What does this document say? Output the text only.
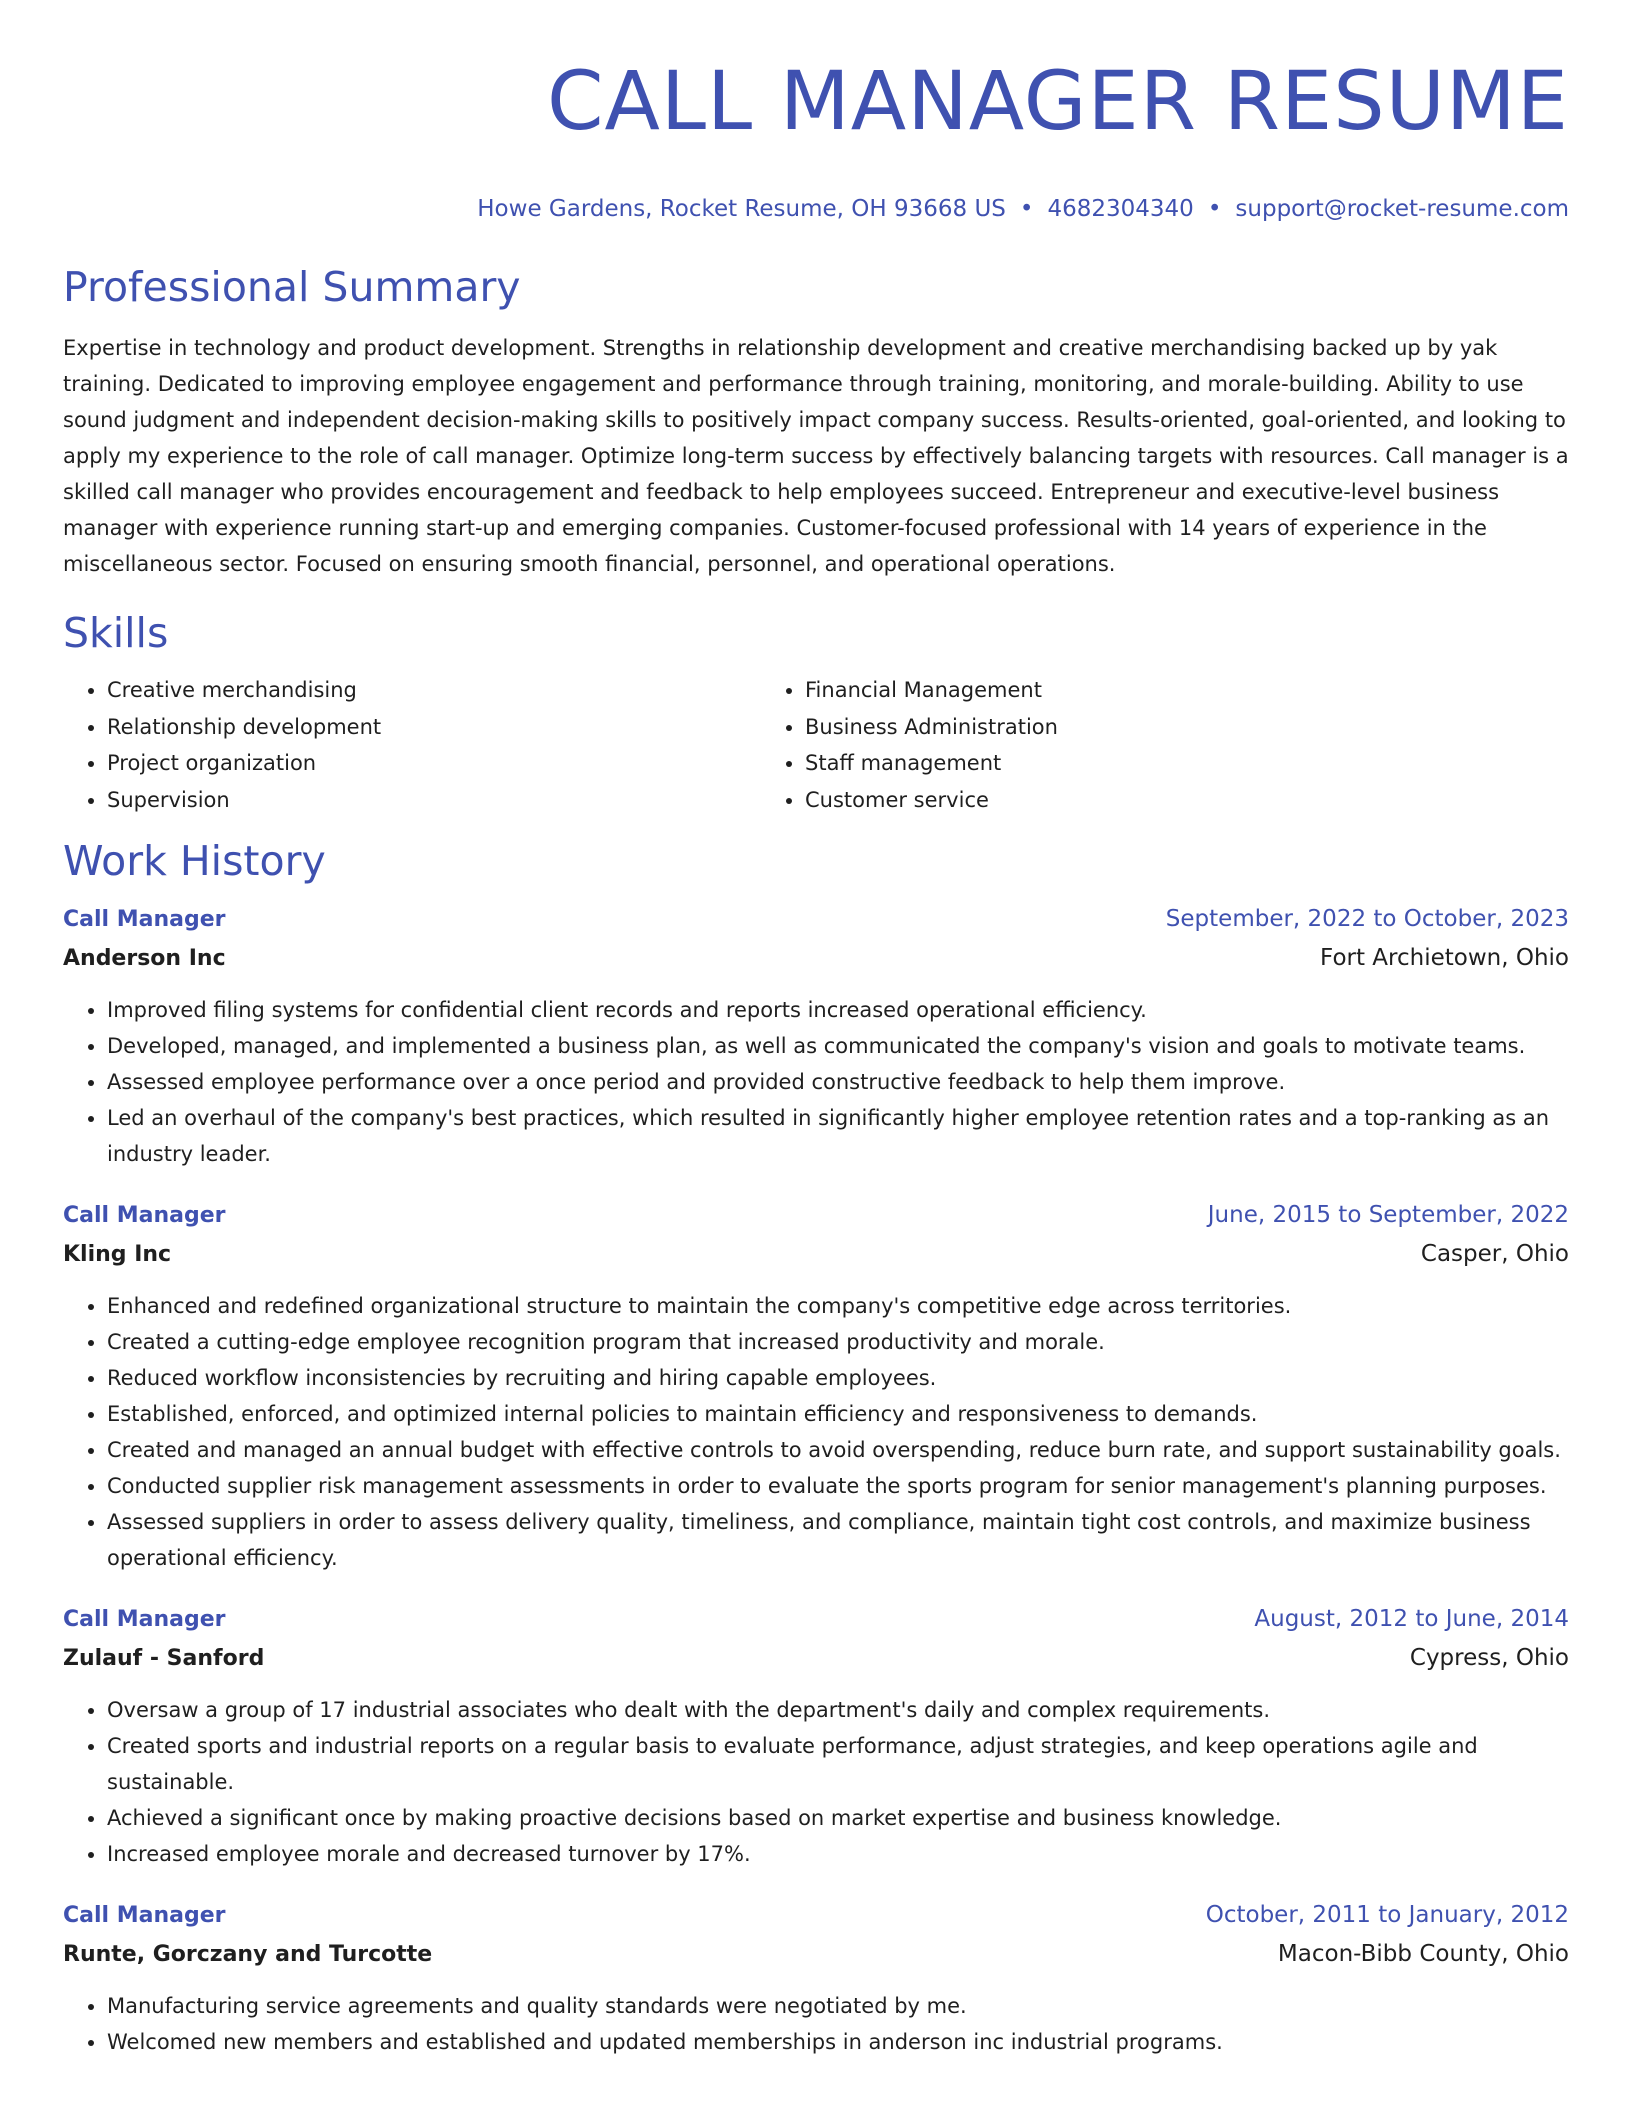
CALL MANAGER RESUME
Howe Gardens, Rocket Resume, OH 93668 US • 4682304340 • support@rocket-resume.com
Professional Summary

Expertise in technology and product development. Strengths in relationship development and creative merchandising backed up by yak training. Dedicated to improving employee engagement and performance through training, monitoring, and morale-building. Ability to use sound judgment and independent decision-making skills to positively impact company success. Results-oriented, goal-oriented, and looking to apply my experience to the role of call manager. Optimize long-term success by effectively balancing targets with resources. Call manager is a skilled call manager who provides encouragement and feedback to help employees succeed. Entrepreneur and executive-level business manager with experience running start-up and emerging companies. Customer-focused professional with 14 years of experience in the miscellaneous sector. Focused on ensuring smooth financial, personnel, and operational operations.

Skills
• Creative merchandising
• Relationship development
• Project organization
• Supervision
• Financial Management
• Business Administration
• Staff management
• Customer service
Work History
Call Manager	September, 2022 to October, 2023
Anderson Inc	Fort Archietown, Ohio
• Improved filing systems for confidential client records and reports increased operational efficiency.
• Developed, managed, and implemented a business plan, as well as communicated the company's vision and goals to motivate teams.
• Assessed employee performance over a once period and provided constructive feedback to help them improve.
• Led an overhaul of the company's best practices, which resulted in significantly higher employee retention rates and a top-ranking as an industry leader.
Call Manager	June, 2015 to September, 2022
Kling Inc	Casper, Ohio
• Enhanced and redefined organizational structure to maintain the company's competitive edge across territories.
• Created a cutting-edge employee recognition program that increased productivity and morale.
• Reduced workflow inconsistencies by recruiting and hiring capable employees.
• Established, enforced, and optimized internal policies to maintain efficiency and responsiveness to demands.
• Created and managed an annual budget with effective controls to avoid overspending, reduce burn rate, and support sustainability goals.
• Conducted supplier risk management assessments in order to evaluate the sports program for senior management's planning purposes.
• Assessed suppliers in order to assess delivery quality, timeliness, and compliance, maintain tight cost controls, and maximize business operational efficiency.
Call Manager	August, 2012 to June, 2014
Zulauf - Sanford	Cypress, Ohio
• Oversaw a group of 17 industrial associates who dealt with the department's daily and complex requirements.
• Created sports and industrial reports on a regular basis to evaluate performance, adjust strategies, and keep operations agile and sustainable.
• Achieved a significant once by making proactive decisions based on market expertise and business knowledge.
• Increased employee morale and decreased turnover by 17%.
Call Manager	October, 2011 to January, 2012
Runte, Gorczany and Turcotte	Macon-Bibb County, Ohio
• Manufacturing service agreements and quality standards were negotiated by me.
• Welcomed new members and established and updated memberships in anderson inc industrial programs.
